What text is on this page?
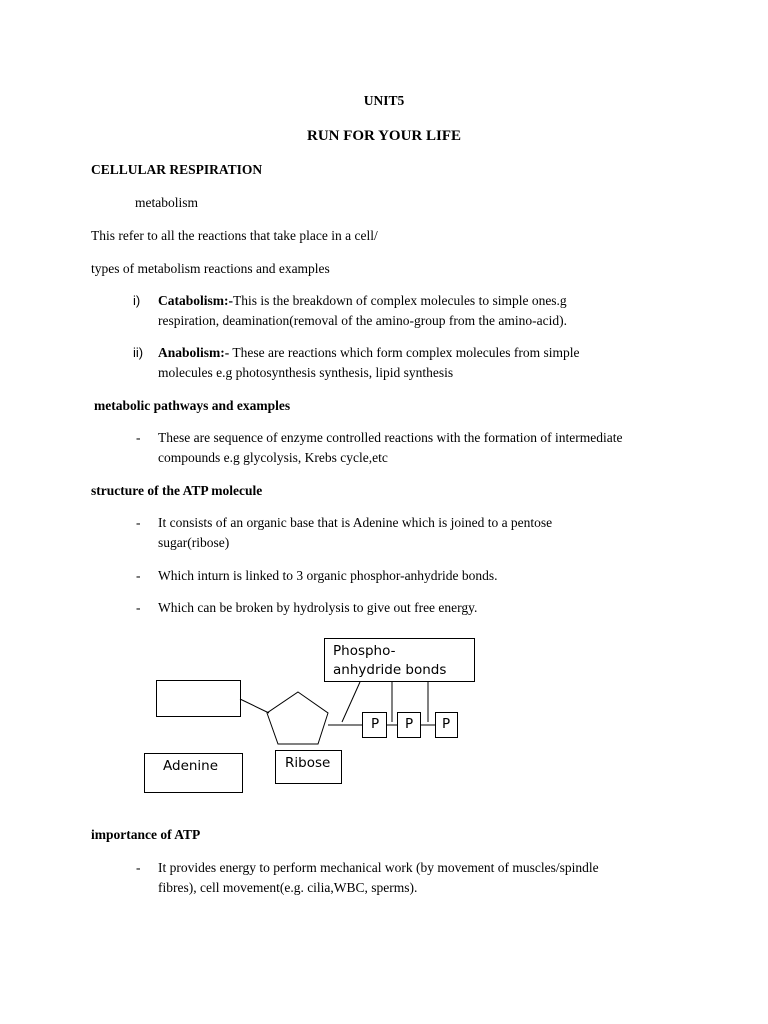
UNIT5
RUN FOR YOUR LIFE
CELLULAR RESPIRATION
metabolism
This refer to all the reactions that take place in a cell/
types of metabolism reactions and examples
i) Catabolism:-This is the breakdown of complex molecules to simple ones.g
respiration, deamination(removal of the amino-group from the amino-acid).
ii) Anabolism:- These are reactions which form complex molecules from simple
molecules e.g photosynthesis synthesis, lipid synthesis
metabolic pathways and examples
- These are sequence of enzyme controlled reactions with the formation of intermediate
compounds e.g glycolysis, Krebs cycle,etc
structure of the ATP molecule
- It consists of an organic base that is Adenine which is joined to a pentose
sugar(ribose)
- Which inturn is linked to 3 organic phosphor-anhydride bonds.
- Which can be broken by hydrolysis to give out free energy.
Phospho-
anhydride bonds
P P P
Adenine	Ribose
importance of ATP
- It provides energy to perform mechanical work (by movement of muscles/spindle
fibres), cell movement(e.g. cilia,WBC, sperms).
